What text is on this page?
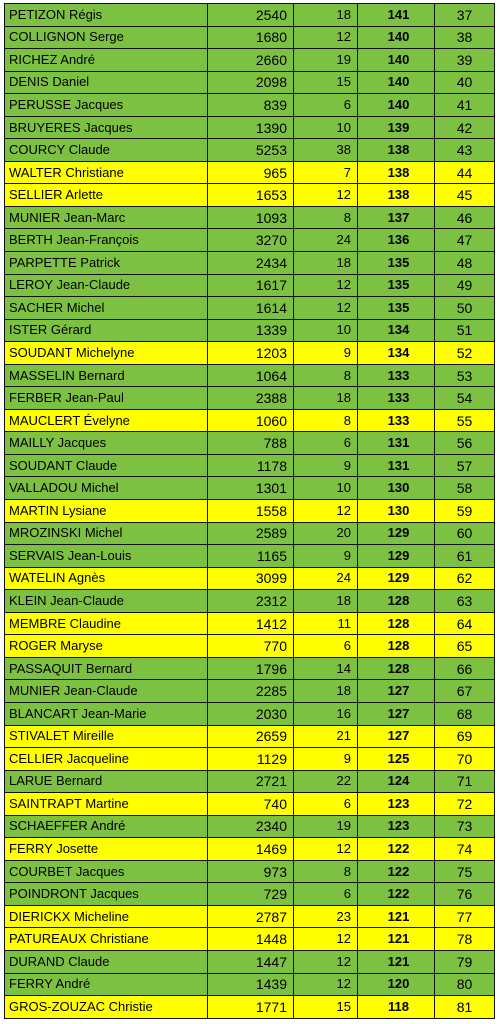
PETIZON Régis	2540	18	141	37
COLLIGNON Serge	1680	12	140	38
RICHEZ André	2660	19	140	39
DENIS Daniel	2098	15	140	40
PERUSSE Jacques	839	6	140	41
BRUYERES Jacques	1390	10	139	42
COURCY Claude	5253	38	138	43
WALTER Christiane	965	7	138	44
SELLIER Arlette	1653	12	138	45
MUNIER Jean-Marc	1093	8	137	46
BERTH Jean-François	3270	24	136	47
PARPETTE Patrick	2434	18	135	48
LEROY Jean-Claude	1617	12	135	49
SACHER Michel	1614	12	135	50
ISTER Gérard	1339	10	134	51
SOUDANT Michelyne	1203	9	134	52
MASSELIN Bernard	1064	8	133	53
FERBER Jean-Paul	2388	18	133	54
MAUCLERT Évelyne	1060	8	133	55
MAILLY Jacques	788	6	131	56
SOUDANT Claude	1178	9	131	57
VALLADOU Michel	1301	10	130	58
MARTIN Lysiane	1558	12	130	59
MROZINSKI Michel	2589	20	129	60
SERVAIS Jean-Louis	1165	9	129	61
WATELIN Agnès	3099	24	129	62
KLEIN Jean-Claude	2312	18	128	63
MEMBRE Claudine	1412	11	128	64
ROGER Maryse	770	6	128	65
PASSAQUIT Bernard	1796	14	128	66
MUNIER Jean-Claude	2285	18	127	67
BLANCART Jean-Marie	2030	16	127	68
STIVALET Mireille	2659	21	127	69
CELLIER Jacqueline	1129	9	125	70
LARUE Bernard	2721	22	124	71
SAINTRAPT Martine	740	6	123	72
SCHAEFFER André	2340	19	123	73
FERRY Josette	1469	12	122	74
COURBET Jacques	973	8	122	75
POINDRONT Jacques	729	6	122	76
DIERICKX Micheline	2787	23	121	77
PATUREAUX Christiane	1448	12	121	78
DURAND Claude	1447	12	121	79
FERRY André	1439	12	120	80
GROS-ZOUZAC Christie	1771	15	118	81
